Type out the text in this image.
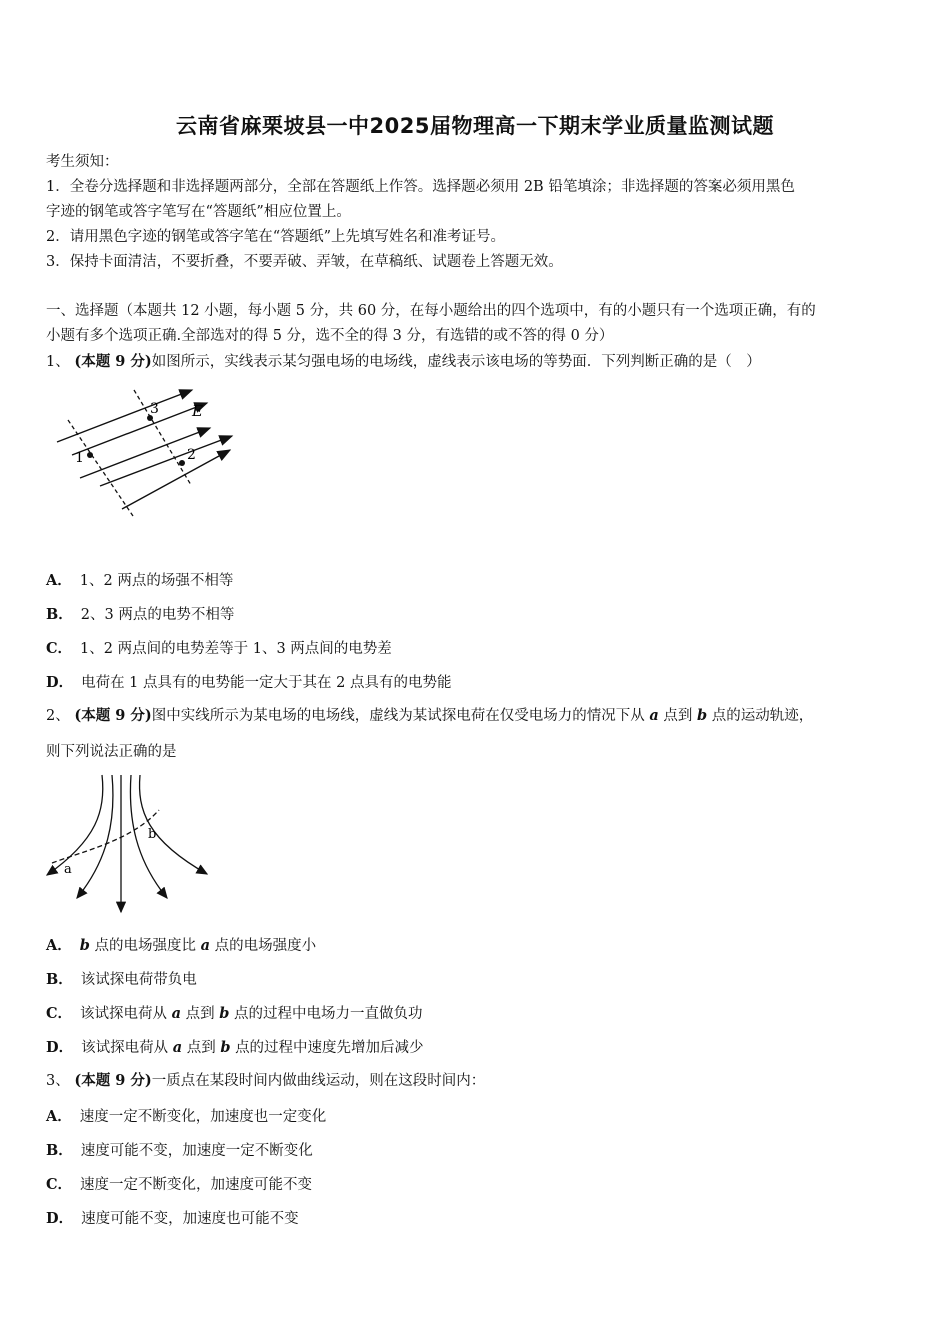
云南省麻栗坡县一中2025届物理高一下期末学业质量监测试题
考生须知：
1．全卷分选择题和非选择题两部分，全部在答题纸上作答。选择题必须用 2B 铅笔填涂；非选择题的答案必须用黑色
字迹的钢笔或答字笔写在“答题纸”相应位置上。
2．请用黑色字迹的钢笔或答字笔在“答题纸”上先填写姓名和准考证号。
3．保持卡面清洁，不要折叠，不要弄破、弄皱，在草稿纸、试题卷上答题无效。
一、选择题（本题共 12 小题，每小题 5 分，共 60 分，在每小题给出的四个选项中，有的小题只有一个选项正确，有的
小题有多个选项正确.全部选对的得 5 分，选不全的得 3 分，有选错的或不答的得 0 分）
1、 (本题 9 分)如图所示，实线表示某匀强电场的电场线，虚线表示该电场的等势面．下列判断正确的是（　）
1	2
3 E
A． 1、2 两点的场强不相等
B． 2、3 两点的电势不相等
C． 1、2 两点间的电势差等于 1、3 两点间的电势差
D． 电荷在 1 点具有的电势能一定大于其在 2 点具有的电势能
2、 (本题 9 分)图中实线所示为某电场的电场线，虚线为某试探电荷在仅受电场力的情况下从 a 点到 b 点的运动轨迹，
则下列说法正确的是
a
b
A． b 点的电场强度比 a 点的电场强度小
B． 该试探电荷带负电
C． 该试探电荷从 a 点到 b 点的过程中电场力一直做负功
D． 该试探电荷从 a 点到 b 点的过程中速度先增加后减少
3、 (本题 9 分)一质点在某段时间内做曲线运动，则在这段时间内：
A． 速度一定不断变化，加速度也一定变化
B． 速度可能不变，加速度一定不断变化
C． 速度一定不断变化，加速度可能不变
D． 速度可能不变，加速度也可能不变
